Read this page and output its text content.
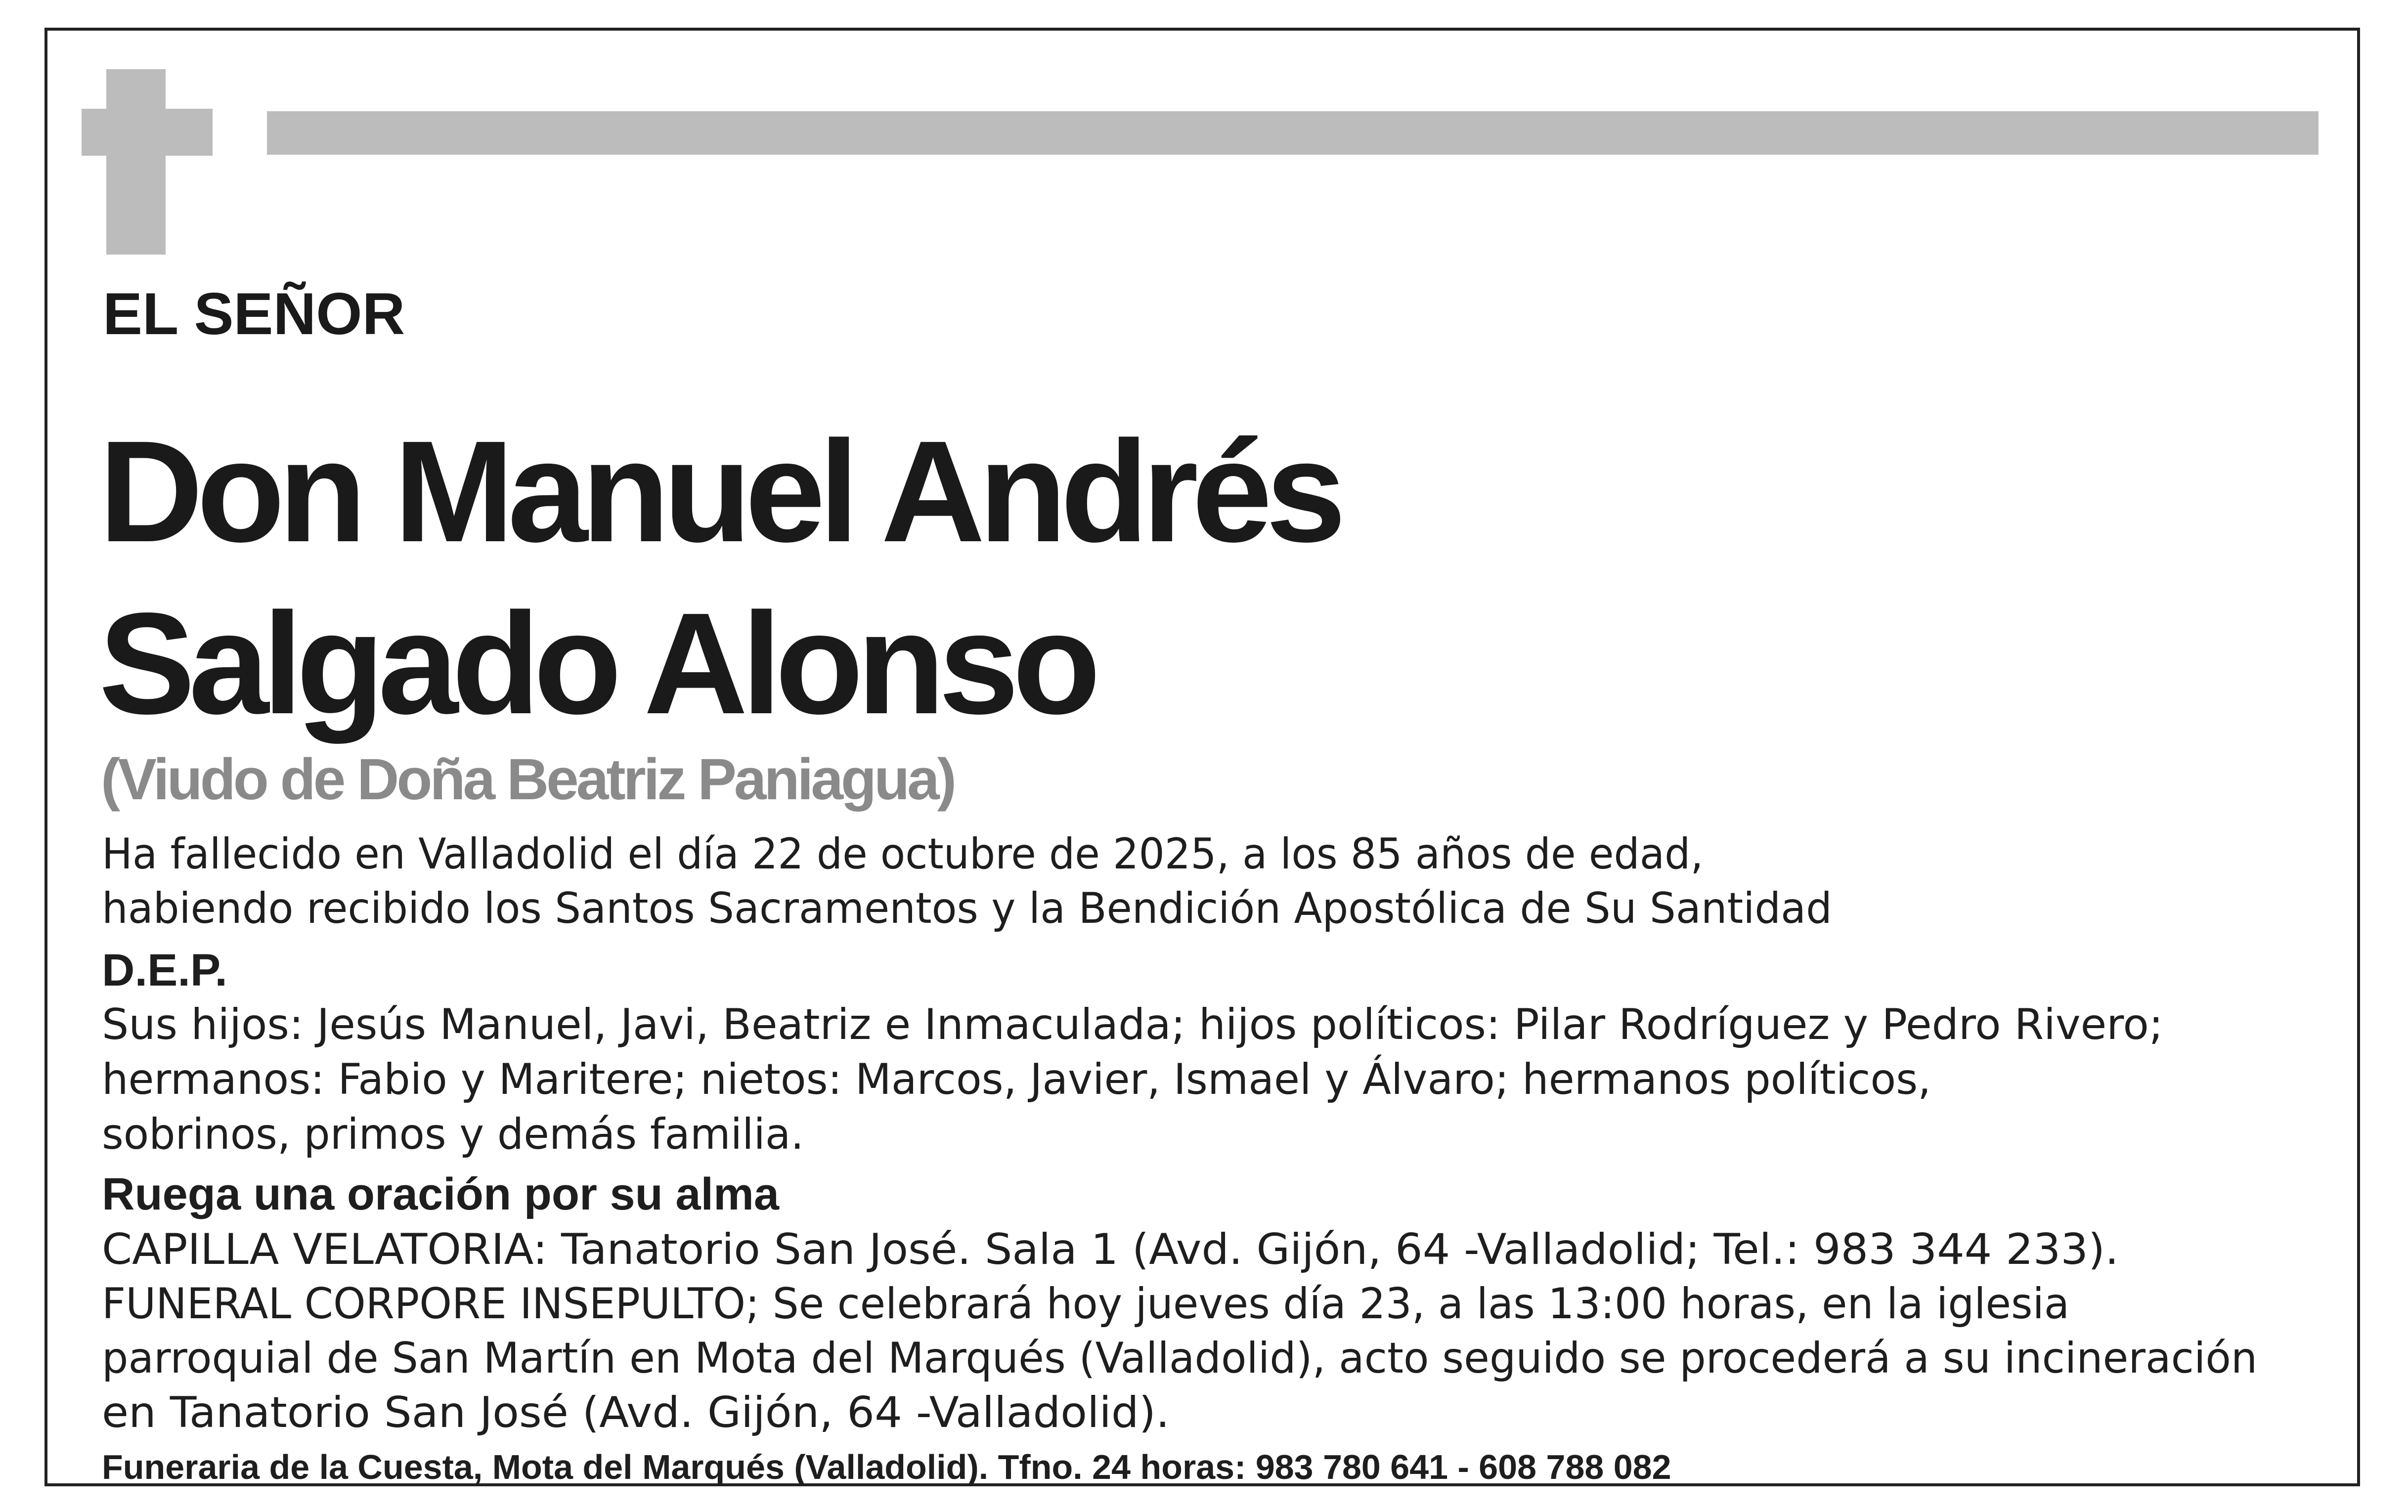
EL SEÑOR
Don Manuel Andrés
Salgado Alonso
(Viudo de Doña Beatriz Paniagua)
Ha fallecido en Valladolid el día 22 de octubre de 2025, a los 85 años de edad,
habiendo recibido los Santos Sacramentos y la Bendición Apostólica de Su Santidad
D.E.P.
Sus hijos: Jesús Manuel, Javi, Beatriz e Inmaculada; hijos políticos: Pilar Rodríguez y Pedro Rivero;
hermanos: Fabio y Maritere; nietos: Marcos, Javier, Ismael y Álvaro; hermanos políticos,
sobrinos, primos y demás familia.
Ruega una oración por su alma
CAPILLA VELATORIA: Tanatorio San José. Sala 1 (Avd. Gijón, 64 -Valladolid; Tel.: 983 344 233).
FUNERAL CORPORE INSEPULTO; Se celebrará hoy jueves día 23, a las 13:00 horas, en la iglesia
parroquial de San Martín en Mota del Marqués (Valladolid), acto seguido se procederá a su incineración
en Tanatorio San José (Avd. Gijón, 64 -Valladolid).
Funeraria de la Cuesta, Mota del Marqués (Valladolid). Tfno. 24 horas: 983 780 641 - 608 788 082
